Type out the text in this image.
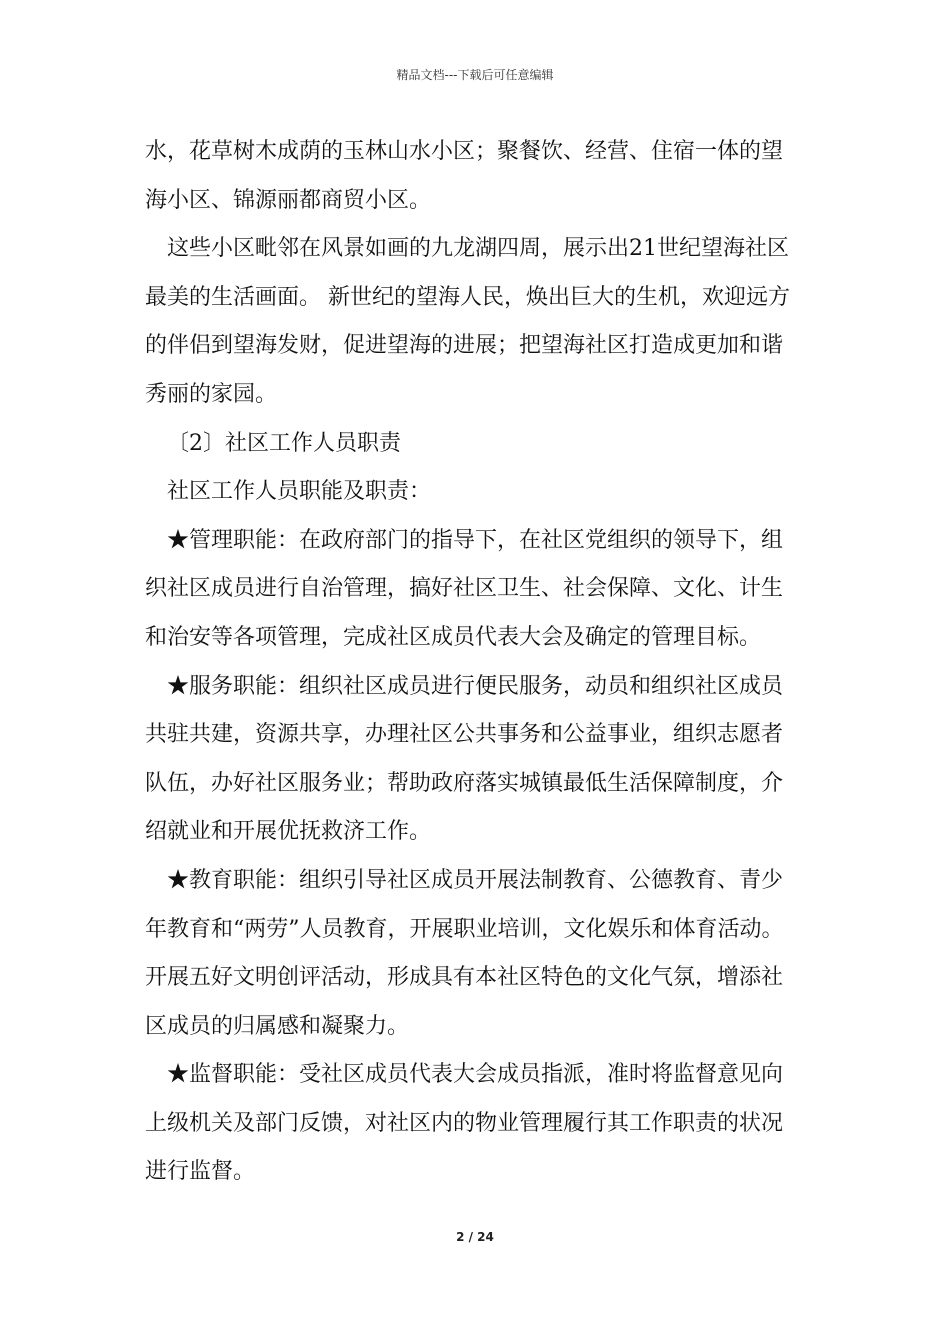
精品文档---下载后可任意编辑
水，花草树木成荫的玉林山水小区；聚餐饮、经营、住宿一体的望
海小区、锦源丽都商贸小区。
这些小区毗邻在风景如画的九龙湖四周，展示出21世纪望海社区
最美的生活画面。 新世纪的望海人民，焕出巨大的生机，欢迎远方
的伴侣到望海发财，促进望海的进展；把望海社区打造成更加和谐
秀丽的家园。
〔2〕社区工作人员职责
社区工作人员职能及职责：
★管理职能：在政府部门的指导下，在社区党组织的领导下，组
织社区成员进行自治管理，搞好社区卫生、社会保障、文化、计生
和治安等各项管理，完成社区成员代表大会及确定的管理目标。
★服务职能：组织社区成员进行便民服务，动员和组织社区成员
共驻共建，资源共享，办理社区公共事务和公益事业，组织志愿者
队伍，办好社区服务业；帮助政府落实城镇最低生活保障制度，介
绍就业和开展优抚救济工作。
★教育职能：组织引导社区成员开展法制教育、公德教育、青少
年教育和“两劳”人员教育，开展职业培训，文化娱乐和体育活动。
开展五好文明创评活动，形成具有本社区特色的文化气氛，增添社
区成员的归属感和凝聚力。
★监督职能：受社区成员代表大会成员指派，准时将监督意见向
上级机关及部门反馈，对社区内的物业管理履行其工作职责的状况
进行监督。
2 / 24
